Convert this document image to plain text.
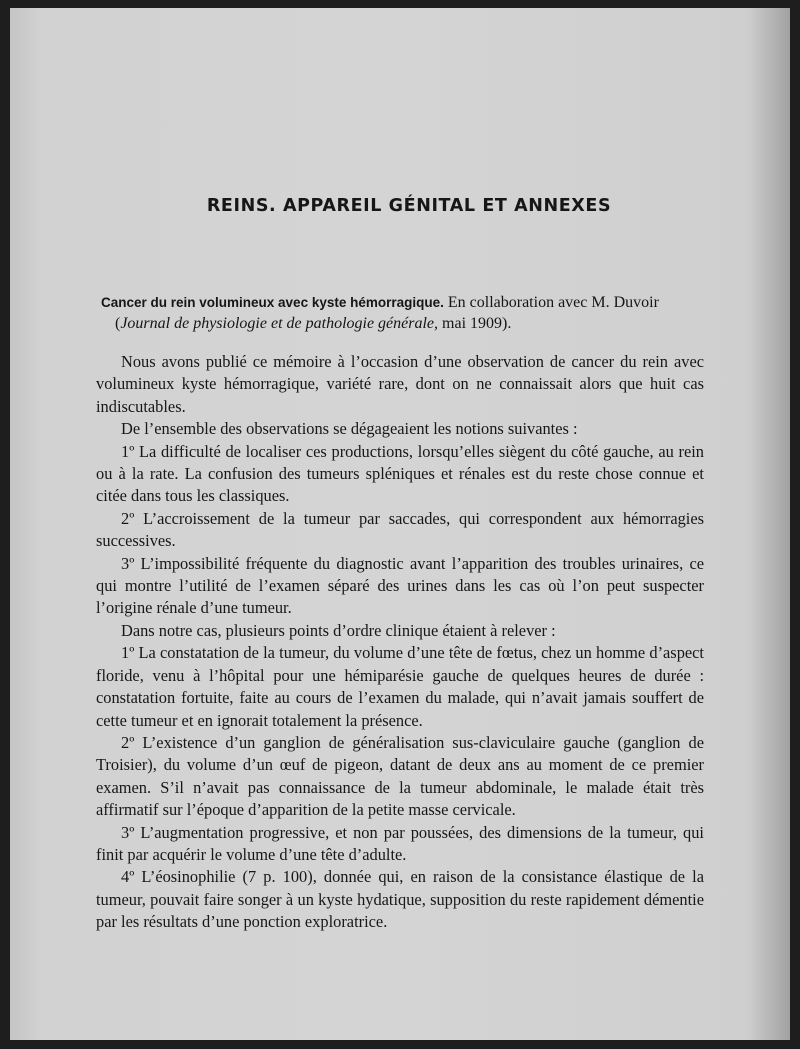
REINS. APPAREIL GÉNITAL ET ANNEXES
Cancer du rein volumineux avec kyste hémorragique. En collaboration avec M. Duvoir
(Journal de physiologie et de pathologie générale, mai 1909).

Nous avons publié ce mémoire à l’occasion d’une observation de cancer du rein avec volumineux kyste hémorragique, variété rare, dont on ne connaissait alors que huit cas indiscutables.

De l’ensemble des observations se dégageaient les notions suivantes :

1º La difficulté de localiser ces productions, lorsqu’elles siègent du côté gauche, au rein ou à la rate. La confusion des tumeurs spléniques et rénales est du reste chose connue et citée dans tous les classiques.

2º L’accroissement de la tumeur par saccades, qui correspondent aux hémorragies successives.

3º L’impossibilité fréquente du diagnostic avant l’apparition des troubles urinaires, ce qui montre l’utilité de l’examen séparé des urines dans les cas où l’on peut suspecter l’origine rénale d’une tumeur.

Dans notre cas, plusieurs points d’ordre clinique étaient à relever :

1º La constatation de la tumeur, du volume d’une tête de fœtus, chez un homme d’aspect floride, venu à l’hôpital pour une hémiparésie gauche de quelques heures de durée : constatation fortuite, faite au cours de l’examen du malade, qui n’avait jamais souffert de cette tumeur et en ignorait totalement la présence.

2º L’existence d’un ganglion de généralisation sus-claviculaire gauche (ganglion de Troisier), du volume d’un œuf de pigeon, datant de deux ans au moment de ce premier examen. S’il n’avait pas connaissance de la tumeur abdominale, le malade était très affirmatif sur l’époque d’apparition de la petite masse cervicale.

3º L’augmentation progressive, et non par poussées, des dimensions de la tumeur, qui finit par acquérir le volume d’une tête d’adulte.

4º L’éosinophilie (7 p. 100), donnée qui, en raison de la consistance élastique de la tumeur, pouvait faire songer à un kyste hydatique, supposition du reste rapidement démentie par les résultats d’une ponction exploratrice.
